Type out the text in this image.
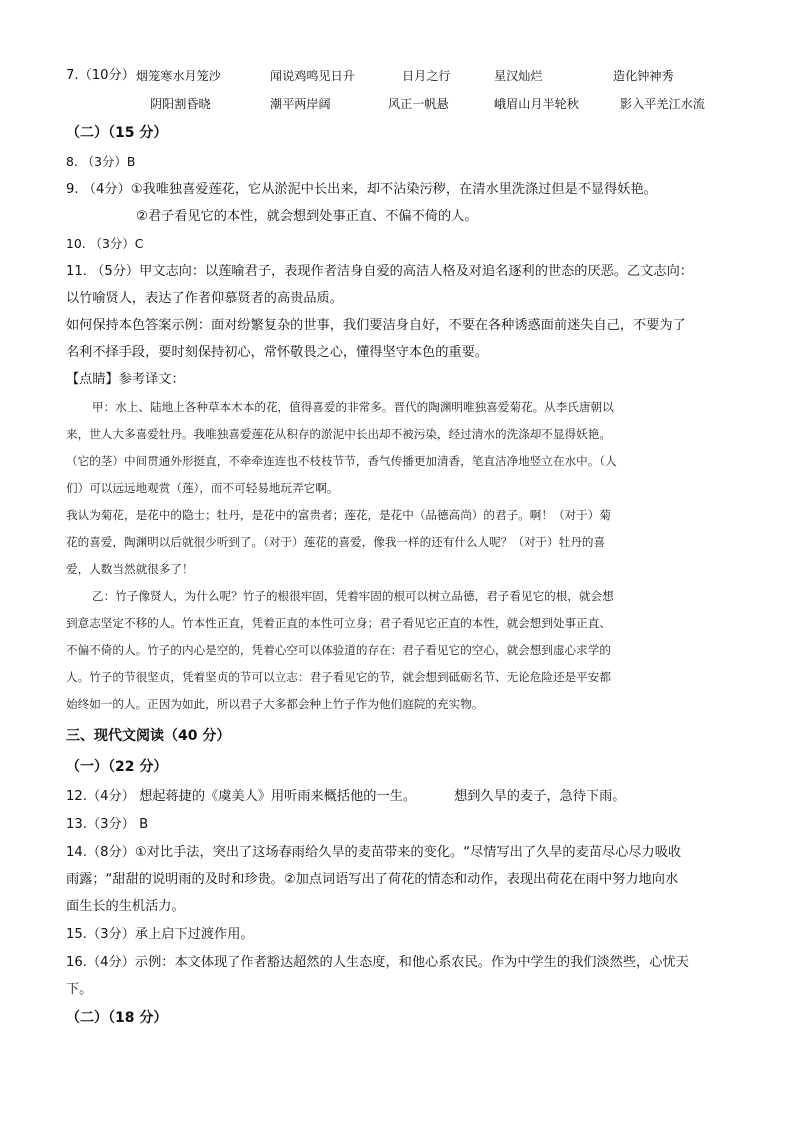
7.（10分） 烟笼寒水月笼沙	闻说鸡鸣见日升	日月之行	星汉灿烂	造化钟神秀
阴阳割昏晓	潮平两岸阔	风正一帆悬	峨眉山月半轮秋	影入平羌江水流
（二）（15 分）
8. （3分）B
9. （4分）①我唯独喜爱莲花，它从淤泥中长出来，却不沾染污秽，在清水里洗涤过但是不显得妖艳。
②君子看见它的本性，就会想到处事正直、不偏不倚的人。
10. （3分）C
11. （5分）甲文志向：以莲喻君子，表现作者洁身自爱的高洁人格及对追名逐利的世态的厌恶。乙文志向：
以竹喻贤人，表达了作者仰慕贤者的高贵品质。
如何保持本色答案示例：面对纷繁复杂的世事，我们要洁身自好，不要在各种诱惑面前迷失自己，不要为了
名利不择手段，要时刻保持初心，常怀敬畏之心，懂得坚守本色的重要。
【点睛】参考译文：
甲：水上、陆地上各种草本木本的花，值得喜爱的非常多。晋代的陶渊明唯独喜爱菊花。从李氏唐朝以
来，世人大多喜爱牡丹。我唯独喜爱莲花从积存的淤泥中长出却不被污染，经过清水的洗涤却不显得妖艳。
（它的茎）中间贯通外形挺直，不牵牵连连也不枝枝节节，香气传播更加清香，笔直洁净地竖立在水中。（人
们）可以远远地观赏（莲），而不可轻易地玩弄它啊。
我认为菊花，是花中的隐士；牡丹，是花中的富贵者；莲花，是花中（品德高尚）的君子。啊！（对于）菊
花的喜爱，陶渊明以后就很少听到了。（对于）莲花的喜爱，像我一样的还有什么人呢？（对于）牡丹的喜
爱，人数当然就很多了！
乙：竹子像贤人，为什么呢？竹子的根很牢固，凭着牢固的根可以树立品德，君子看见它的根，就会想
到意志坚定不移的人。竹本性正直，凭着正直的本性可立身；君子看见它正直的本性，就会想到处事正直、
不偏不倚的人。竹子的内心是空的，凭着心空可以体验道的存在：君子看见它的空心，就会想到虚心求学的
人。竹子的节很坚贞，凭着坚贞的节可以立志：君子看见它的节，就会想到砥砺名节、无论危险还是平安都
始终如一的人。正因为如此，所以君子大多都会种上竹子作为他们庭院的充实物。
三、现代文阅读（40 分）
（一）（22 分）
12.（4分） 想起蒋捷的《虞美人》用听雨来概括他的一生。	想到久旱的麦子，急待下雨。
13.（3分） B
14.（8分）①对比手法，突出了这场春雨给久旱的麦苗带来的变化。“尽情写出了久旱的麦苗尽心尽力吸收
雨露；“甜甜的说明雨的及时和珍贵。②加点词语写出了荷花的情态和动作，表现出荷花在雨中努力地向水
面生长的生机活力。
15.（3分）承上启下过渡作用。
16.（4分）示例：本文体现了作者豁达超然的人生态度，和他心系农民。作为中学生的我们淡然些，心忧天
下。
（二）（18 分）
